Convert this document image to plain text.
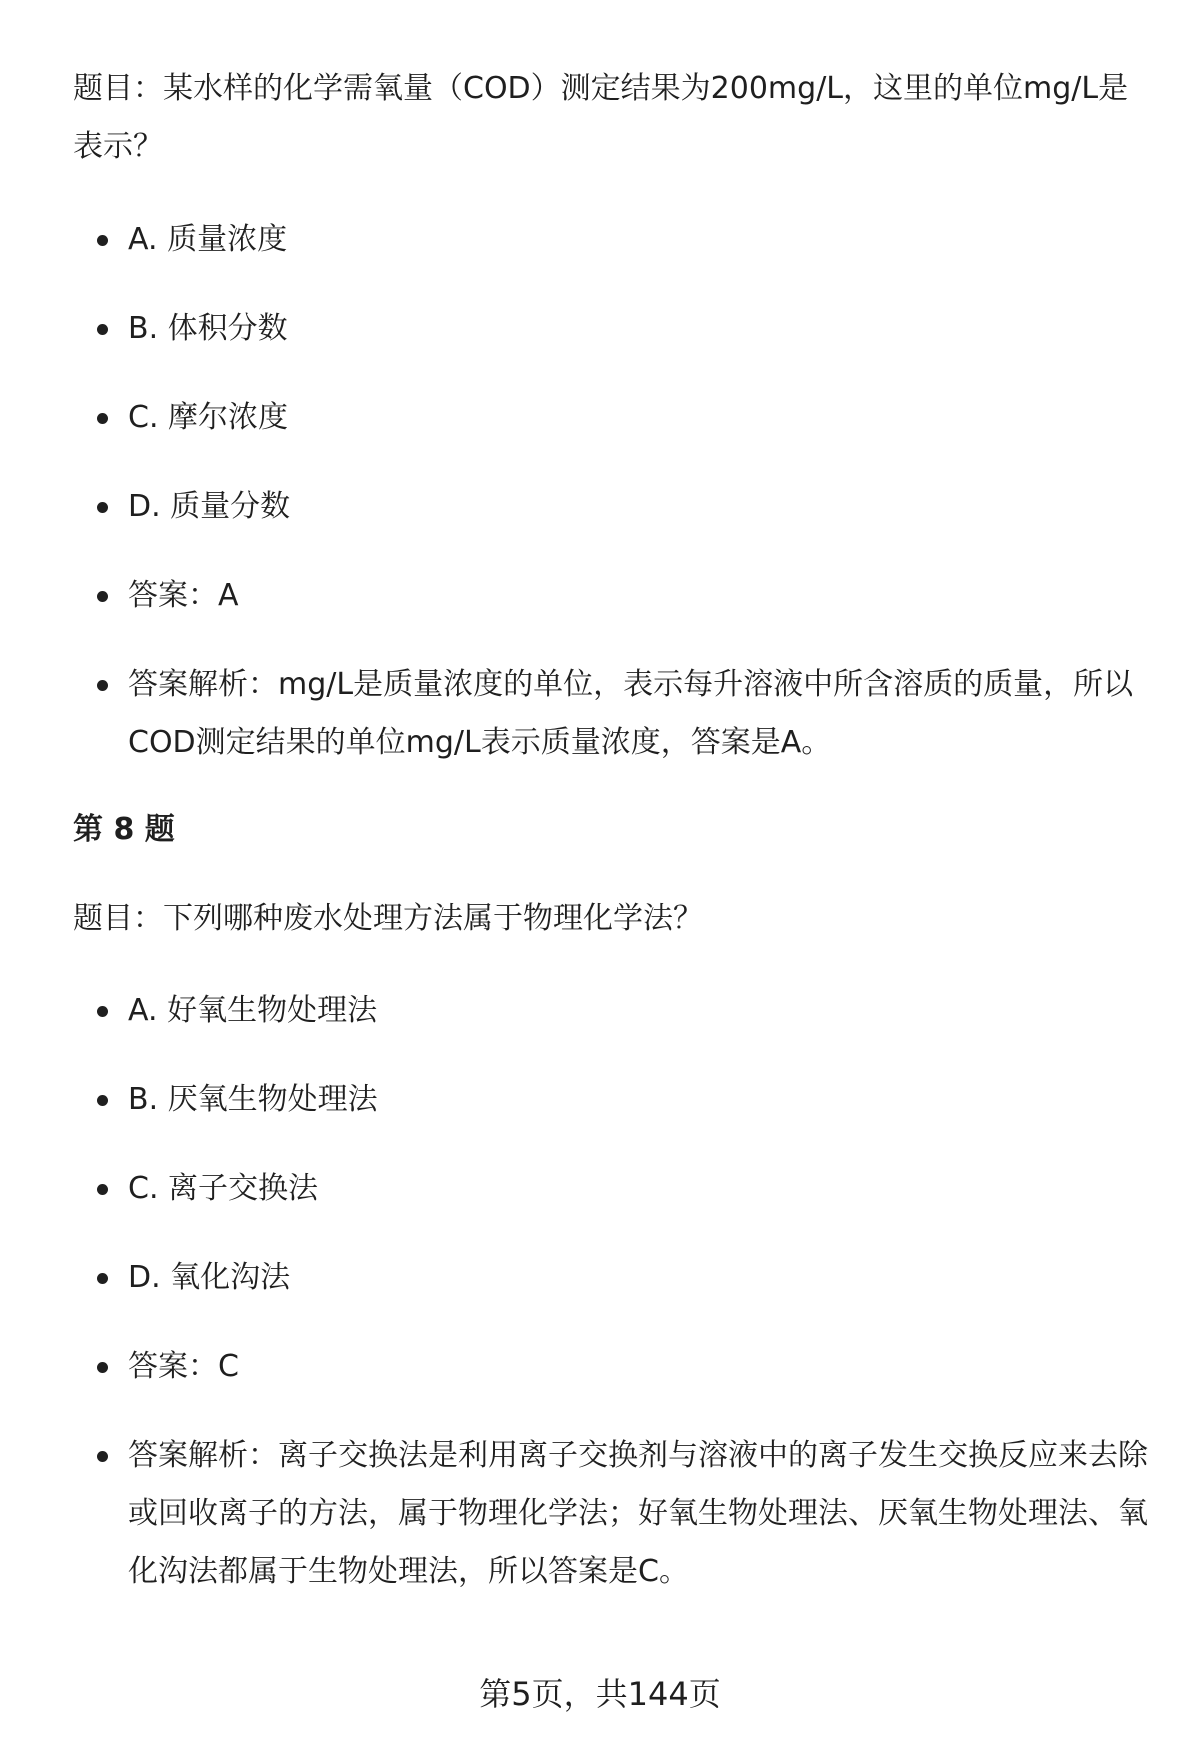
题目：某水样的化学需氧量（COD）测定结果为200mg/L，这里的单位mg/L是表示？

A. 质量浓度

B. 体积分数

C. 摩尔浓度

D. 质量分数

答案：A

答案解析：mg/L是质量浓度的单位，表示每升溶液中所含溶质的质量，所以COD测定结果的单位mg/L表示质量浓度，答案是A。

第 8 题

题目：下列哪种废水处理方法属于物理化学法？

A. 好氧生物处理法

B. 厌氧生物处理法

C. 离子交换法

D. 氧化沟法

答案：C

答案解析：离子交换法是利用离子交换剂与溶液中的离子发生交换反应来去除或回收离子的方法，属于物理化学法；好氧生物处理法、厌氧生物处理法、氧化沟法都属于生物处理法，所以答案是C。

第5页，共144页
